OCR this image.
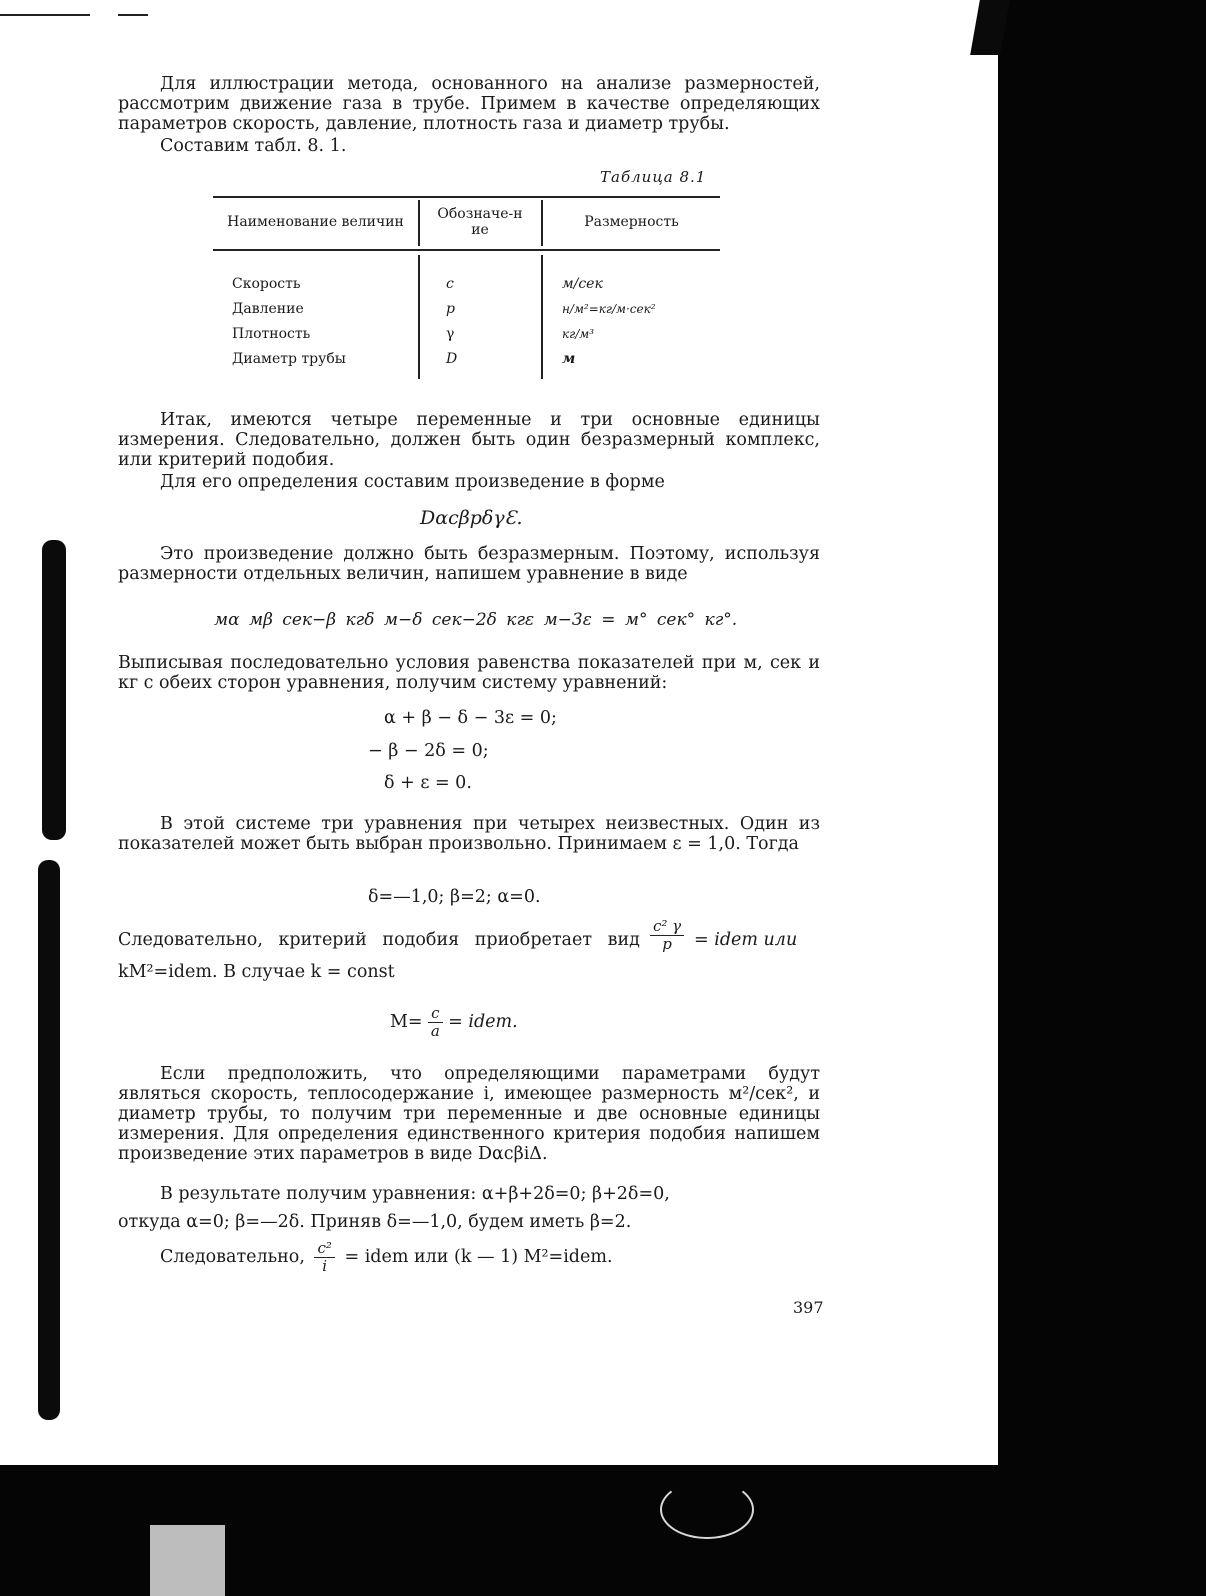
Для иллюстрации метода, основанного на анализе размерностей, рассмотрим движение газа в трубе. Примем в качестве определяющих параметров скорость, давление, плотность газа и диаметр трубы.

Составим табл. 8. 1.
Таблица 8.1
Наименование величин	Обозначе-ние	Размерность
Скорость	c	м/сек
Давление	p	н/м²=кг/м·сек²
Плотность	γ	кг/м³
Диаметр трубы	D	м

Итак, имеются четыре переменные и три основные единицы измерения. Следовательно, должен быть один безразмерный комплекс, или критерий подобия.

Для его определения составим произведение в форме
DαcβpδγƐ.

Это произведение должно быть безразмерным. Поэтому, используя размерности отдельных величин, напишем уравнение в виде

мα мβ сек−β кгδ м−δ сек−2δ кгε м−3ε = м° сек° кг°.

Выписывая последовательно условия равенства показателей при м, сек и кг с обеих сторон уравнения, получим систему уравнений:

α + β − δ − 3ε = 0;
− β − 2δ = 0;
δ + ε = 0.

В этой системе три уравнения при четырех неизвестных. Один из показателей может быть выбран произвольно. Принимаем ε = 1,0. Тогда

δ=—1,0; β=2; α=0.
Следовательно, критерий подобия приобретает вид $\frac{\text{c² γ}}{p}$ = idem или
kM²=idem. В случае k = const
$M= \frac{c}{a}$ = idem.

Если предположить, что определяющими параметрами будут являться скорость, теплосодержание i, имеющее размерность м²/сек², и диаметр трубы, то получим три переменные и две основные единицы измерения. Для определения единственного критерия подобия напишем произведение этих параметров в виде DαcβiΔ.

В результате получим уравнения: α+β+2δ=0; β+2δ=0,
откуда α=0; β=—2δ. Приняв δ=—1,0, будем иметь β=2.
Следовательно, $\frac{\text{c²}}{i}$ = idem или (k — 1) M²=idem.
397
